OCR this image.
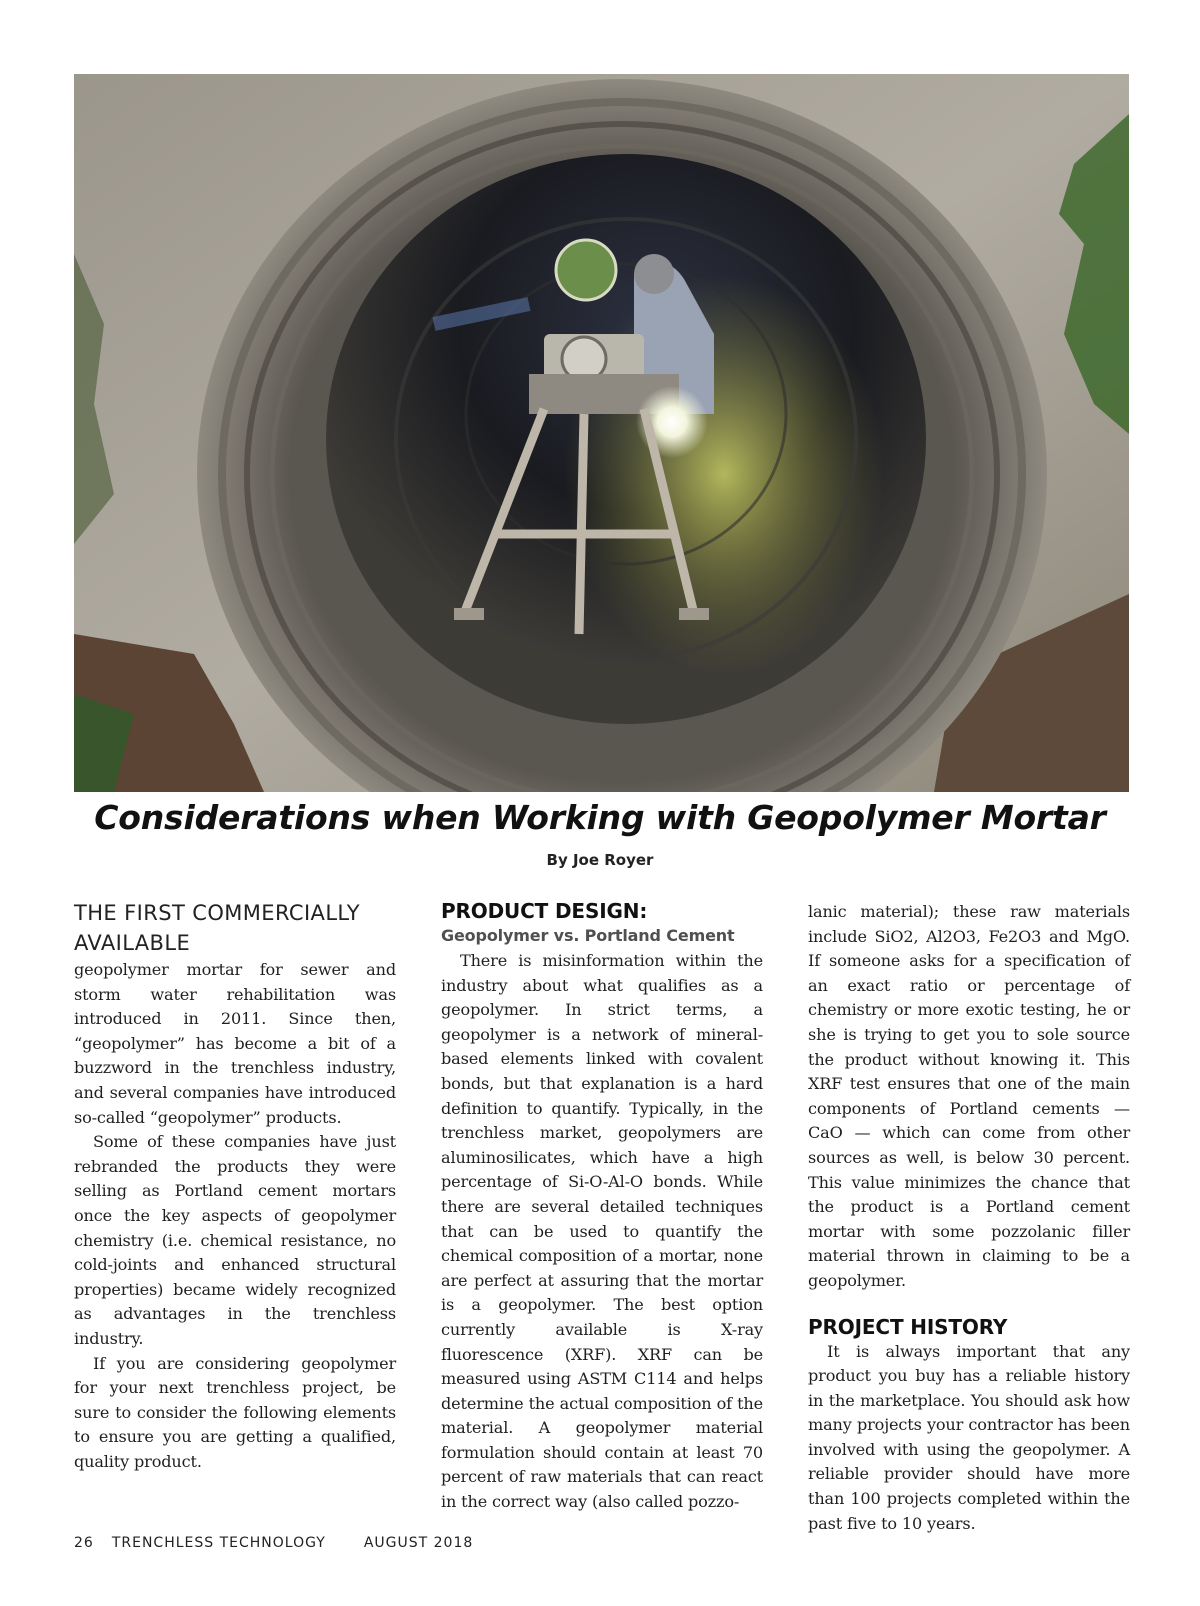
Considerations when Working with Geopolymer Mortar
By Joe Royer
THE FIRST COMMERCIALLY AVAILABLE

geopolymer mortar for sewer and storm water rehabilitation was introduced in 2011. Since then, “geopolymer” has become a bit of a buzzword in the trenchless industry, and several companies have introduced so-called “geopolymer” products.

Some of these companies have just rebranded the products they were selling as Portland cement mortars once the key aspects of geopolymer chemistry (i.e. chemical resistance, no cold-joints and enhanced structural properties) became widely recognized as advantages in the trenchless industry.

If you are considering geopolymer for your next trenchless project, be sure to consider the following elements to ensure you are getting a qualified, quality product.

PRODUCT DESIGN:
Geopolymer vs. Portland Cement

There is misinformation within the industry about what qualifies as a geopolymer. In strict terms, a geopolymer is a network of mineral-based elements linked with covalent bonds, but that explanation is a hard definition to quantify. Typically, in the trenchless market, geopolymers are aluminosilicates, which have a high percentage of Si-O-Al-O bonds. While there are several detailed techniques that can be used to quantify the chemical composition of a mortar, none are perfect at assuring that the mortar is a geopolymer. The best option currently available is X-ray fluorescence (XRF). XRF can be measured using ASTM C114 and helps determine the actual composition of the material. A geopolymer material formulation should contain at least 70 percent of raw materials that can react in the correct way (also called pozzo-

lanic material); these raw materials include SiO2, Al2O3, Fe2O3 and MgO. If someone asks for a specification of an exact ratio or percentage of chemistry or more exotic testing, he or she is trying to get you to sole source the product without knowing it. This XRF test ensures that one of the main components of Portland cements — CaO — which can come from other sources as well, is below 30 percent. This value minimizes the chance that the product is a Portland cement mortar with some pozzolanic filler material thrown in claiming to be a geopolymer.

PROJECT HISTORY

It is always important that any product you buy has a reliable history in the marketplace. You should ask how many projects your contractor has been involved with using the geopolymer. A reliable provider should have more than 100 projects completed within the past five to 10 years.

26 TRENCHLESS TECHNOLOGY	AUGUST 2018
